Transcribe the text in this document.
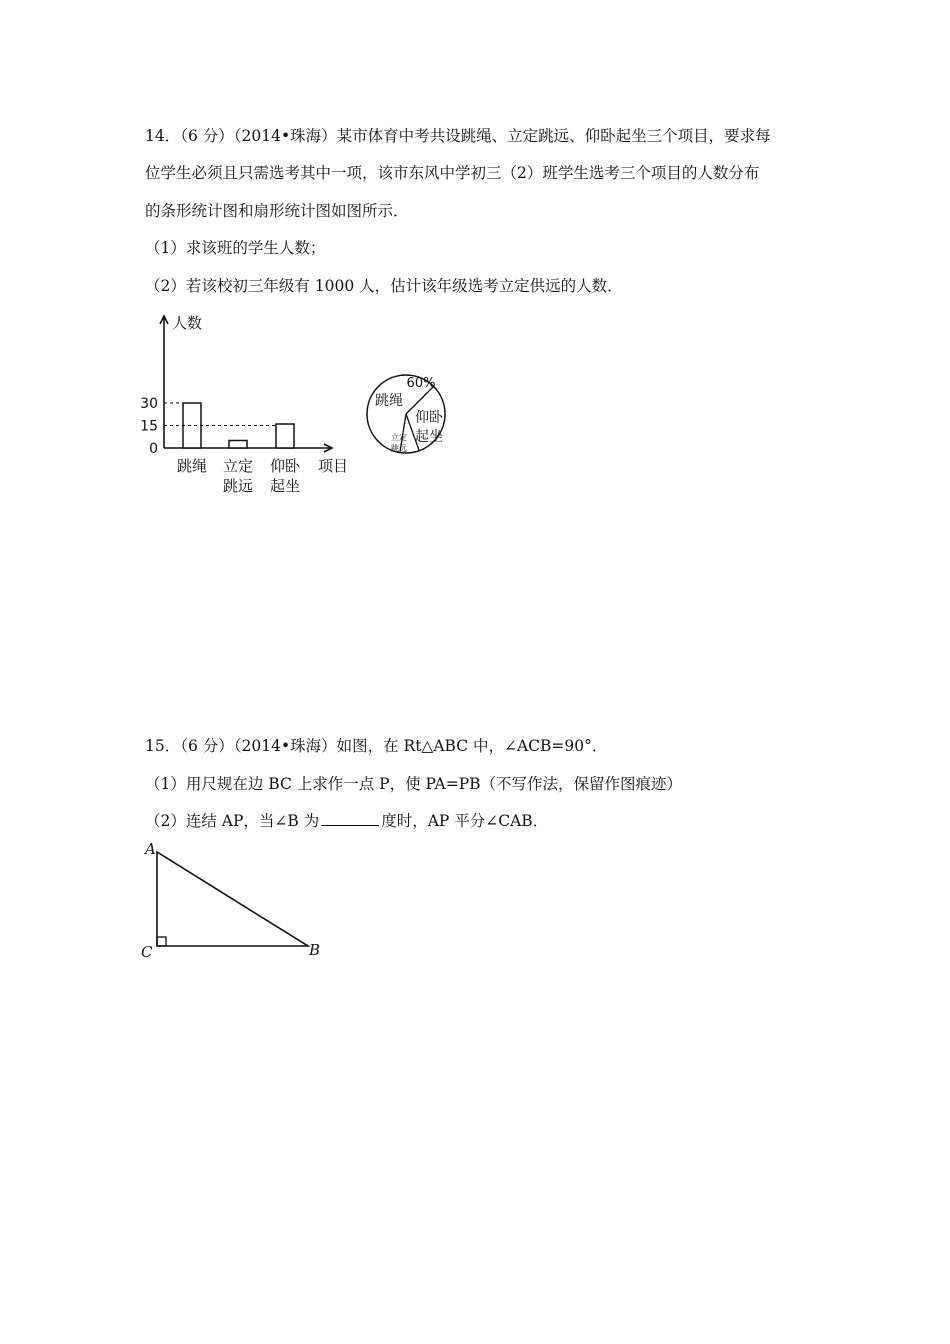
14．（6 分）（2014•珠海）某市体育中考共设跳绳、立定跳远、仰卧起坐三个项目，要求每
位学生必须且只需选考其中一项，该市东风中学初三（2）班学生选考三个项目的人数分布
的条形统计图和扇形统计图如图所示．
（1）求该班的学生人数；
（2）若该校初三年级有 1000 人，估计该年级选考立定供远的人数．
人数
项目
0
15
30
跳绳 立定
跳远
仰卧
起坐
60%
跳绳
仰卧
起坐
立定
跳远
15．（6 分）（2014•珠海）如图，在 Rt△ABC 中，∠ACB=90°．
（1）用尺规在边 BC 上求作一点 P，使 PA=PB（不写作法，保留作图痕迹）
（2）连结 AP，当∠B 为	度时，AP 平分∠CAB．
A
C	B
